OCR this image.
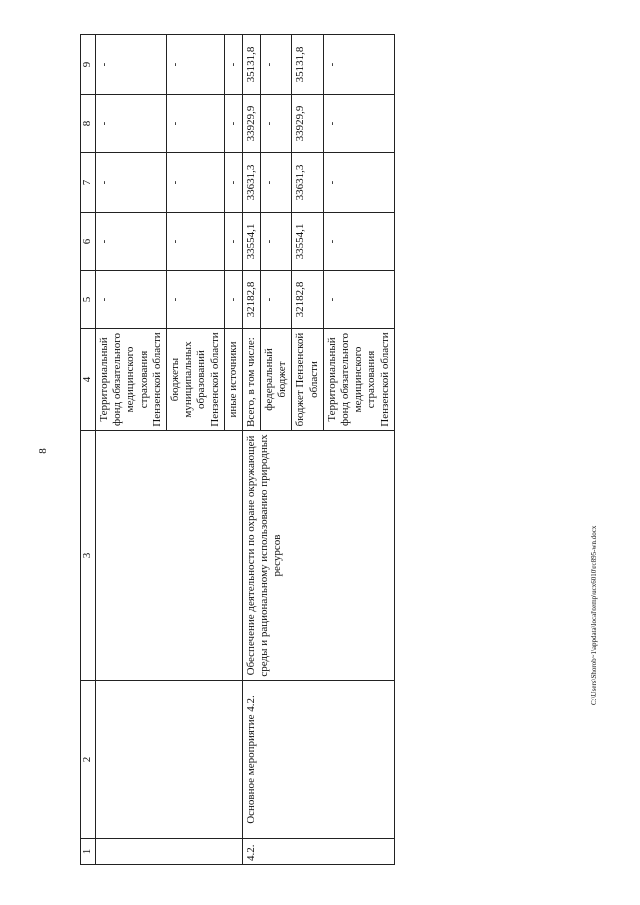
8
1	2	3	4	5	6	7	8	9
			Территориальный фонд обязательного медицинского страхования Пензенской области	-	-	-	-	-
			бюджеты муниципальных образований Пензенской области	-	-	-	-	-
			иные источники	-	-	-	-	-
4.2.	Основное мероприятие 4.2.	Обеспечение деятельности по охране окружающей среды и рациональному использованию природных ресурсов	Всего, в том числе:	32182,8	33554,1	33631,3	33929,9	35131,8
			федеральный бюджет	-	-	-	-	-
			бюджет Пензенской области	32182,8	33554,1	33631,3	33929,9	35131,8
			Территориальный фонд обязательного медицинского страхования Пензенской области	-	-	-	-	-
C:\Users\Shorob~1\appdata\local\temp\ucx6010\rc895-wn.docx
